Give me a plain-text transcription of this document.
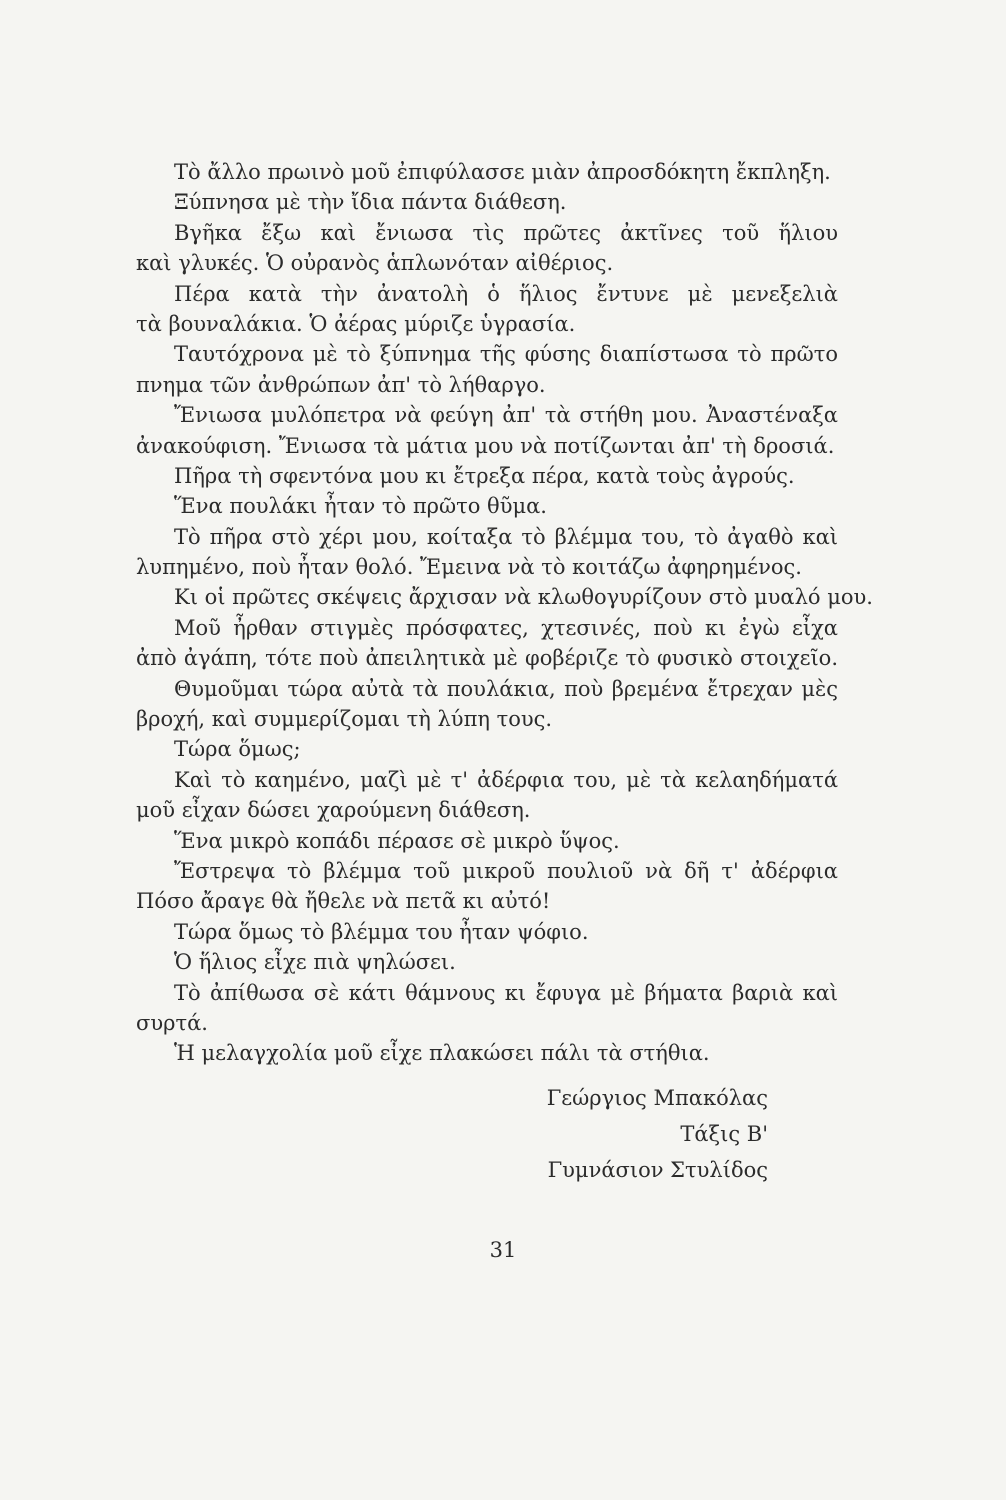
Τὸ ἄλλο πρωινὸ μοῦ ἐπιφύλασσε μιὰν ἀπροσδόκητη ἔκπληξη.
Ξύπνησα μὲ τὴν ἴδια πάντα διάθεση.
Βγῆκα ἔξω καὶ ἔνιωσα τὶς πρῶτες ἀκτῖνες τοῦ ἥλιου
καὶ γλυκές. Ὁ οὐρανὸς ἁπλωνόταν αἰθέριος.
Πέρα κατὰ τὴν ἀνατολὴ ὁ ἥλιος ἔντυνε μὲ μενεξελιὰ
τὰ βουναλάκια. Ὁ ἀέρας μύριζε ὑγρασία.
Ταυτόχρονα μὲ τὸ ξύπνημα τῆς φύσης διαπίστωσα τὸ πρῶτο
πνημα τῶν ἀνθρώπων ἀπ' τὸ λήθαργο.
Ἔνιωσα μυλόπετρα νὰ φεύγη ἀπ' τὰ στήθη μου. Ἀναστέναξα
ἀνακούφιση. Ἔνιωσα τὰ μάτια μου νὰ ποτίζωνται ἀπ' τὴ δροσιά.
Πῆρα τὴ σφεντόνα μου κι ἔτρεξα πέρα, κατὰ τοὺς ἀγρούς.
Ἕνα πουλάκι ἦταν τὸ πρῶτο θῦμα.
Τὸ πῆρα στὸ χέρι μου, κοίταξα τὸ βλέμμα του, τὸ ἀγαθὸ καὶ
λυπημένο, ποὺ ἦταν θολό. Ἔμεινα νὰ τὸ κοιτάζω ἀφηρημένος.
Κι οἱ πρῶτες σκέψεις ἄρχισαν νὰ κλωθογυρίζουν στὸ μυαλό μου.
Μοῦ ἦρθαν στιγμὲς πρόσφατες, χτεσινές, ποὺ κι ἐγὼ εἶχα
ἀπὸ ἀγάπη, τότε ποὺ ἀπειλητικὰ μὲ φοβέριζε τὸ φυσικὸ στοιχεῖο.
Θυμοῦμαι τώρα αὐτὰ τὰ πουλάκια, ποὺ βρεμένα ἔτρεχαν μὲς
βροχή, καὶ συμμερίζομαι τὴ λύπη τους.
Τώρα ὅμως;
Καὶ τὸ καημένο, μαζὶ μὲ τ' ἀδέρφια του, μὲ τὰ κελαηδήματά
μοῦ εἶχαν δώσει χαρούμενη διάθεση.
Ἕνα μικρὸ κοπάδι πέρασε σὲ μικρὸ ὕψος.
Ἔστρεψα τὸ βλέμμα τοῦ μικροῦ πουλιοῦ νὰ δῆ τ' ἀδέρφια
Πόσο ἄραγε θὰ ἤθελε νὰ πετᾶ κι αὐτό!
Τώρα ὅμως τὸ βλέμμα του ἦταν ψόφιο.
Ὁ ἥλιος εἶχε πιὰ ψηλώσει.
Τὸ ἀπίθωσα σὲ κάτι θάμνους κι ἔφυγα μὲ βήματα βαριὰ καὶ
συρτά.
Ἡ μελαγχολία μοῦ εἶχε πλακώσει πάλι τὰ στήθια.
Γεώργιος Μπακόλας
Τάξις Β'
Γυμνάσιον Στυλίδος
31
